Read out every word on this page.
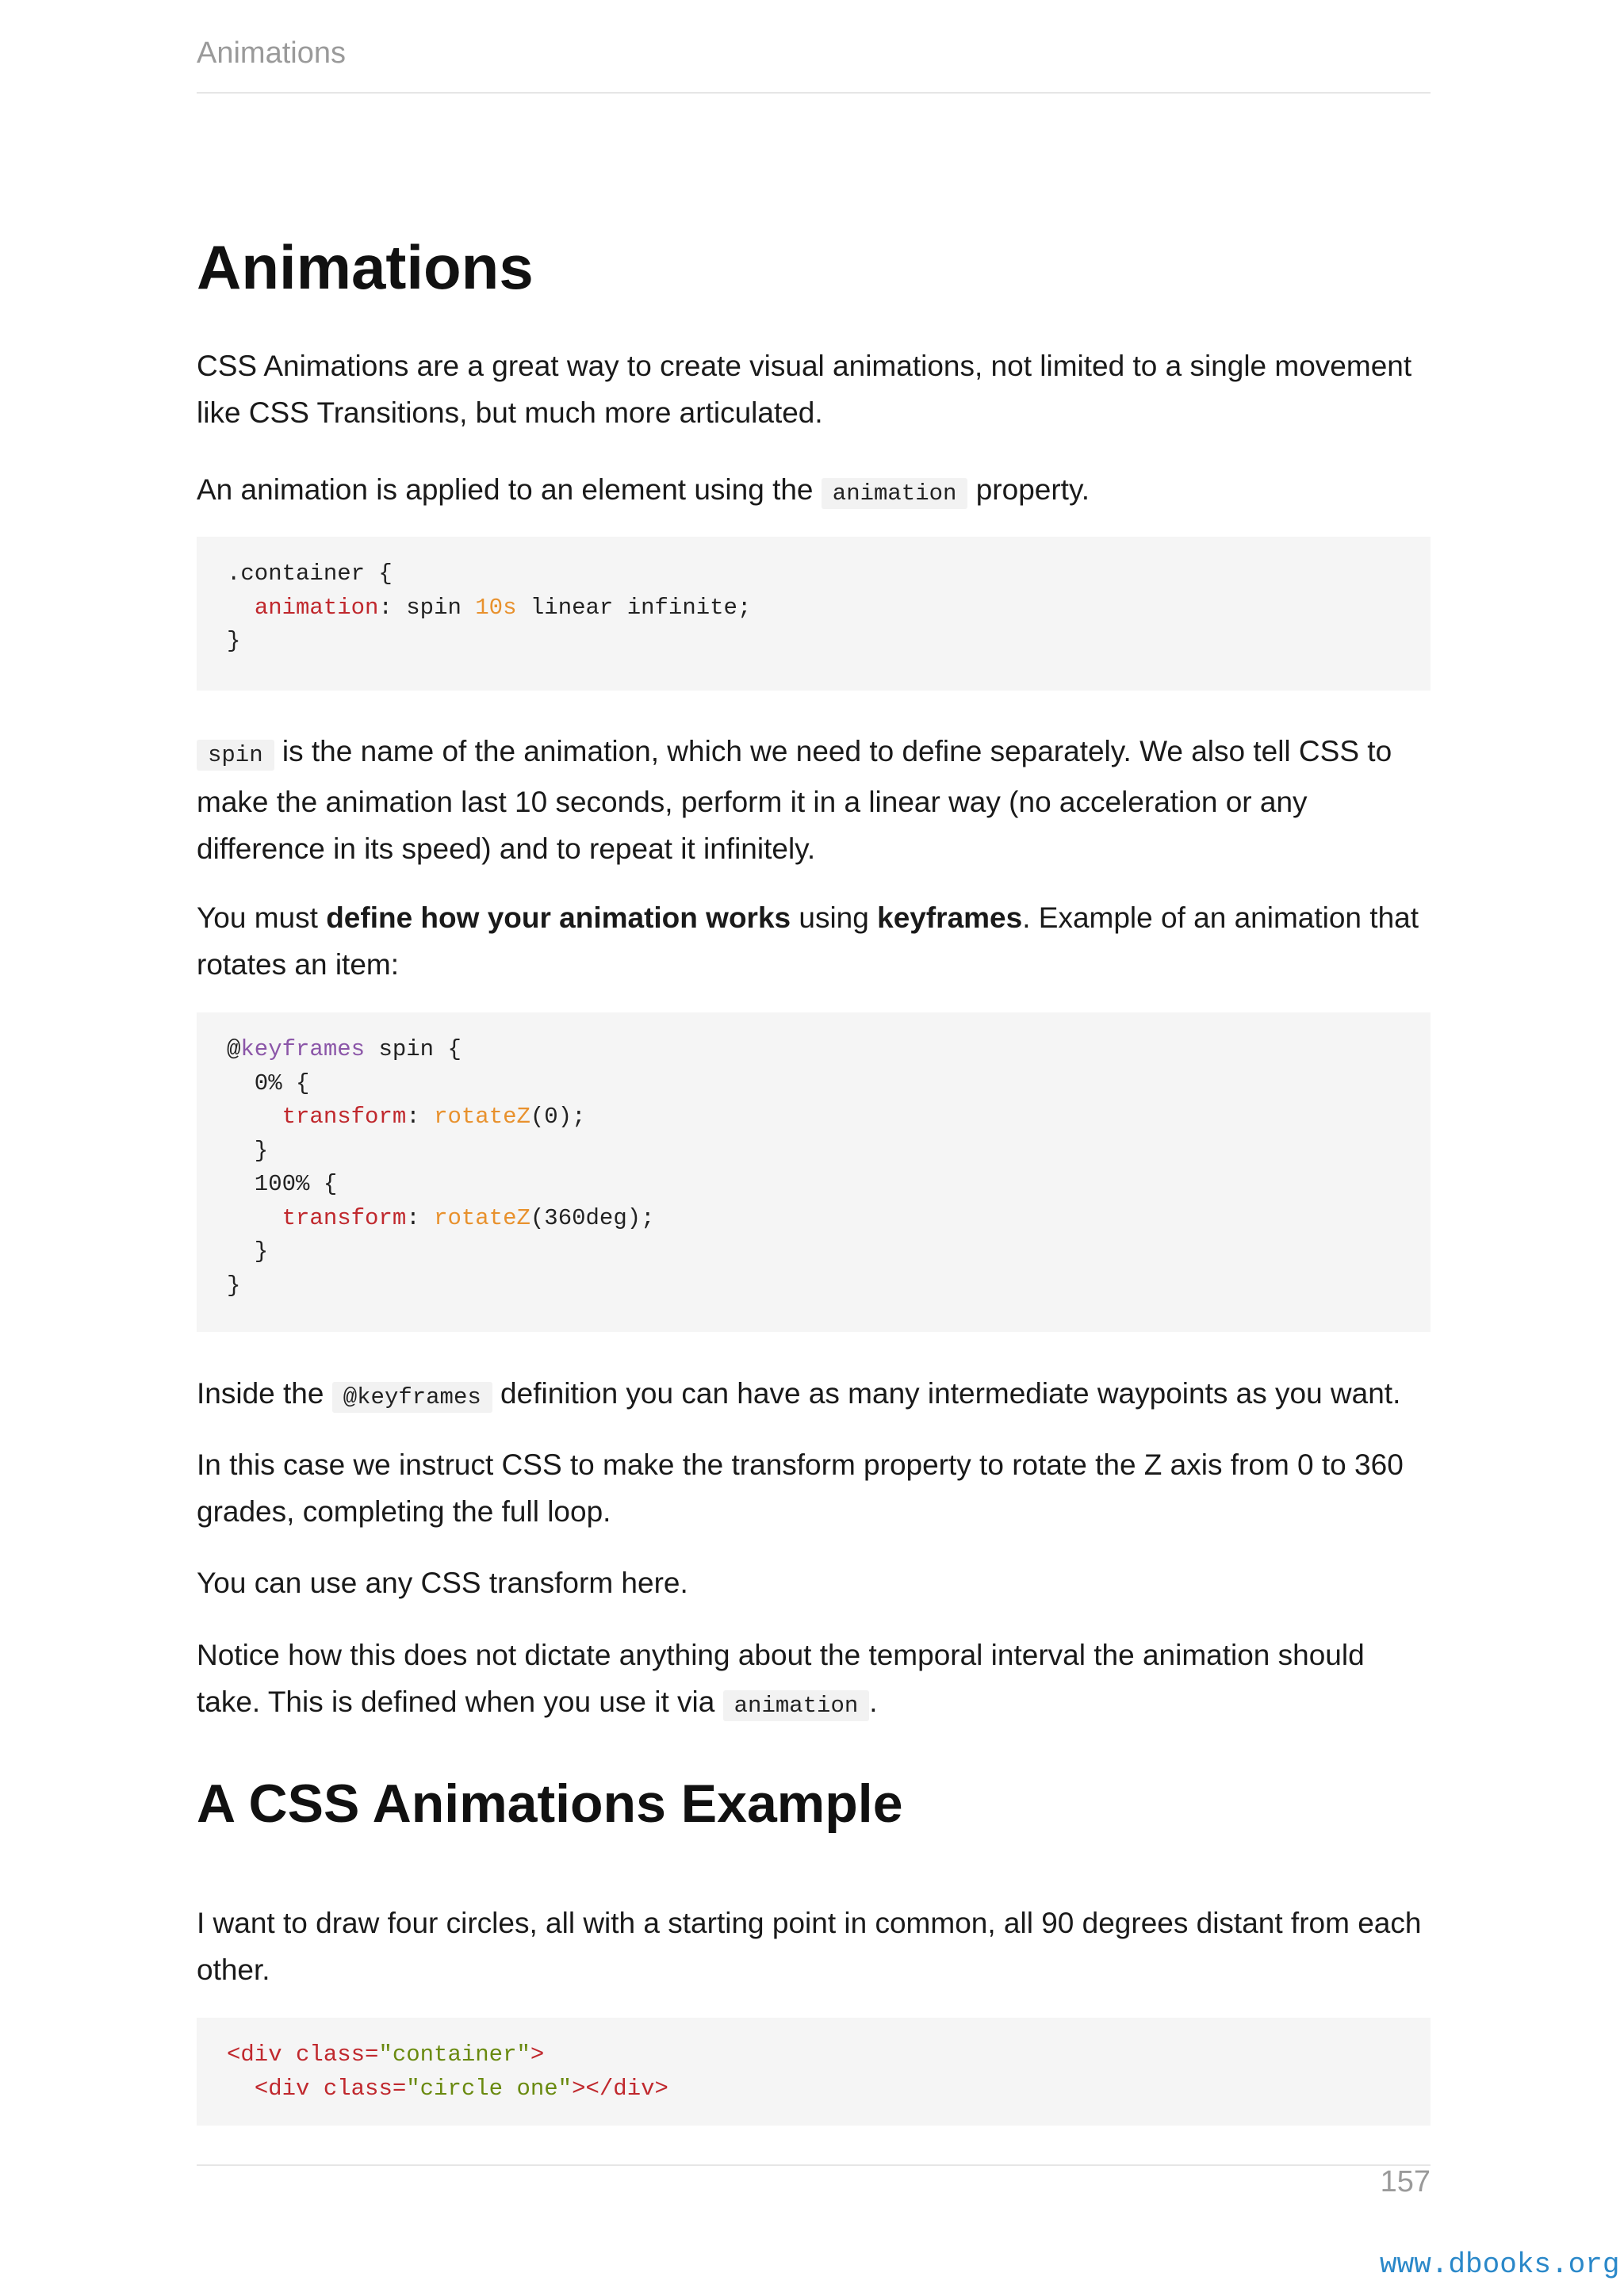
Animations
Animations

CSS Animations are a great way to create visual animations, not limited to a single movement like CSS Transitions, but much more articulated.

An animation is applied to an element using the animation property.

.container {
animation: spin 10s linear infinite;
}

spin is the name of the animation, which we need to define separately. We also tell CSS to make the animation last 10 seconds, perform it in a linear way (no acceleration or any difference in its speed) and to repeat it infinitely.

You must define how your animation works using keyframes. Example of an animation that rotates an item:

@keyframes spin {
0% {
transform: rotateZ(0);
}
100% {
transform: rotateZ(360deg);
}
}

Inside the @keyframes definition you can have as many intermediate waypoints as you want.

In this case we instruct CSS to make the transform property to rotate the Z axis from 0 to 360 grades, completing the full loop.

You can use any CSS transform here.

Notice how this does not dictate anything about the temporal interval the animation should take. This is defined when you use it via animation .

A CSS Animations Example

I want to draw four circles, all with a starting point in common, all 90 degrees distant from each other.

<div class="container">
<div class="circle one"></div>
157
www.dbooks.org
